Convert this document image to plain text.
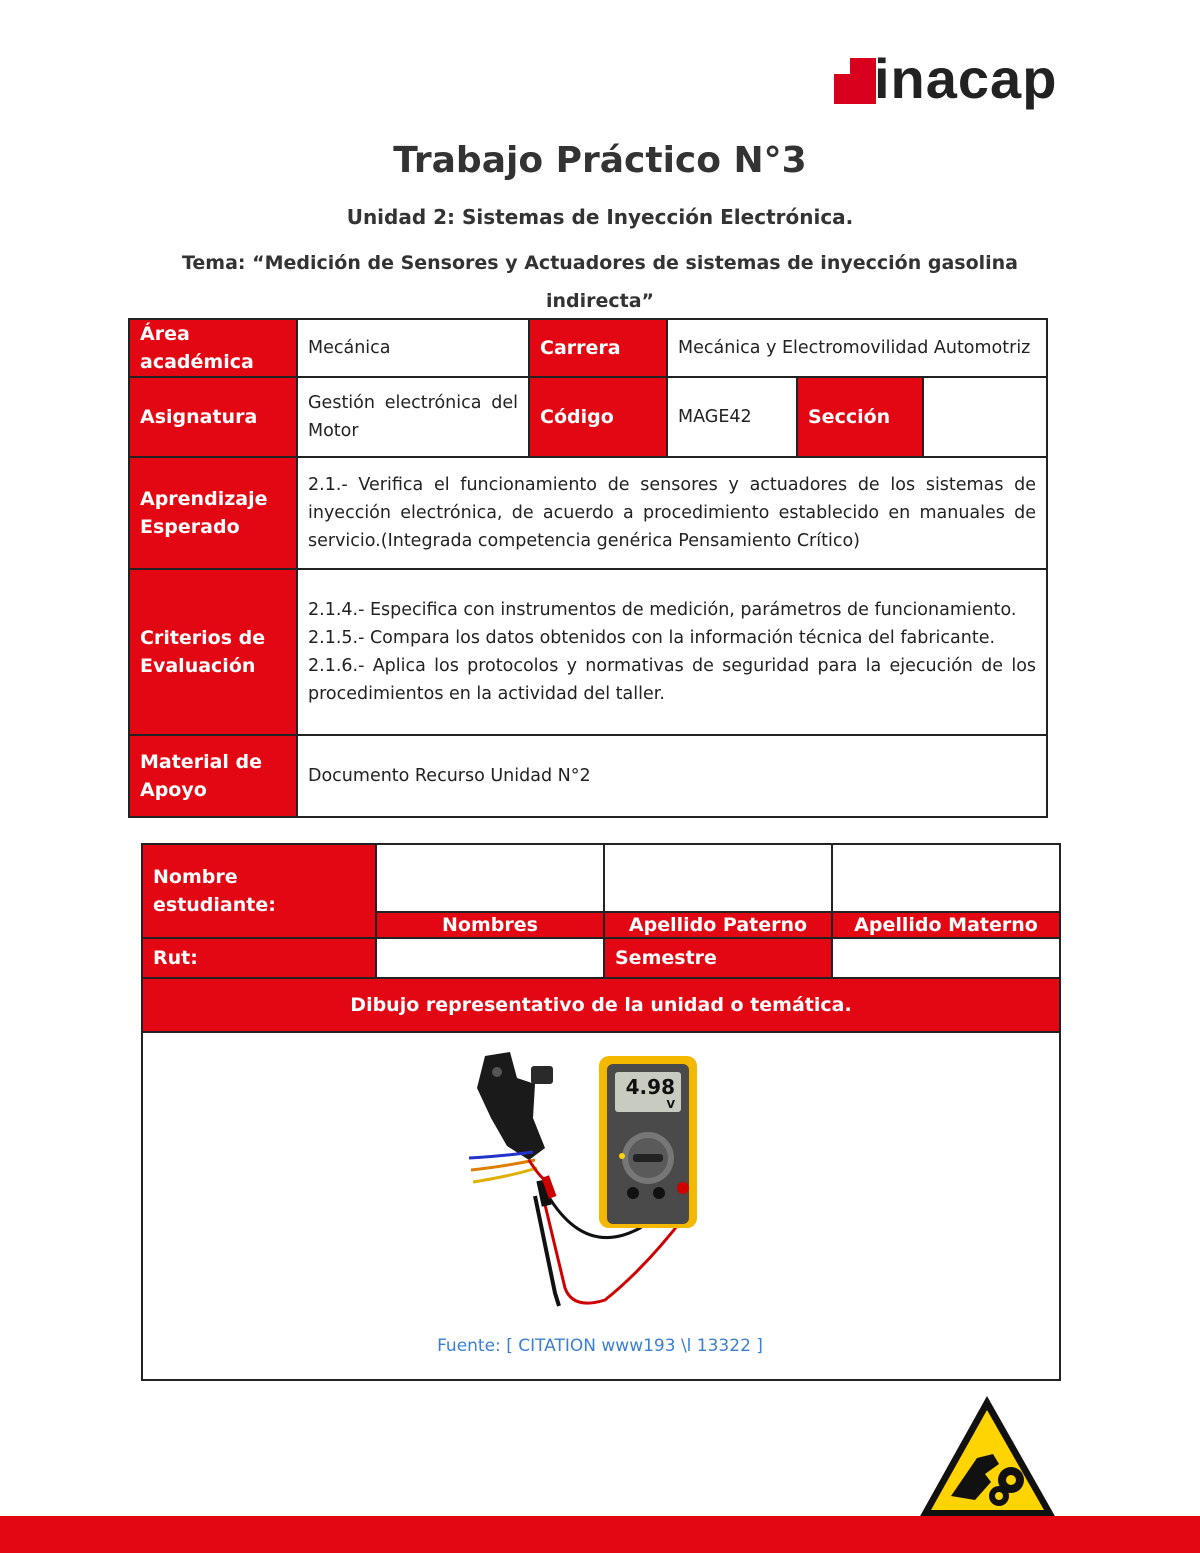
inacap
Trabajo Práctico N°3
Unidad 2: Sistemas de Inyección Electrónica.
Tema: “Medición de Sensores y Actuadores de sistemas de inyección gasolina
indirecta”
Área académica	Mecánica	Carrera	Mecánica y Electromovilidad Automotriz		
Asignatura	Gestión electrónica del Motor	Código	MAGE42	Sección	
Aprendizaje Esperado	2.1.- Verifica el funcionamiento de sensores y actuadores de los sistemas de inyección electrónica, de acuerdo a procedimiento establecido en manuales de servicio.(Integrada competencia genérica Pensamiento Crítico)				
Criterios de Evaluación	2.1.4.- Especifica con instrumentos de medición, parámetros de funcionamiento.
2.1.5.- Compara los datos obtenidos con la información técnica del fabricante.
2.1.6.- Aplica los protocolos y normativas de seguridad para la ejecución de los procedimientos en la actividad del taller.				

Material de Apoyo	Documento Recurso Unidad N°2				
Nombre estudiante:			
	Nombres	Apellido Paterno	Apellido Materno
Rut:		Semestre	
Dibujo representativo de la unidad o temática.			

4.98
V
Fuente: [ CITATION www193 \l 13322 ]
